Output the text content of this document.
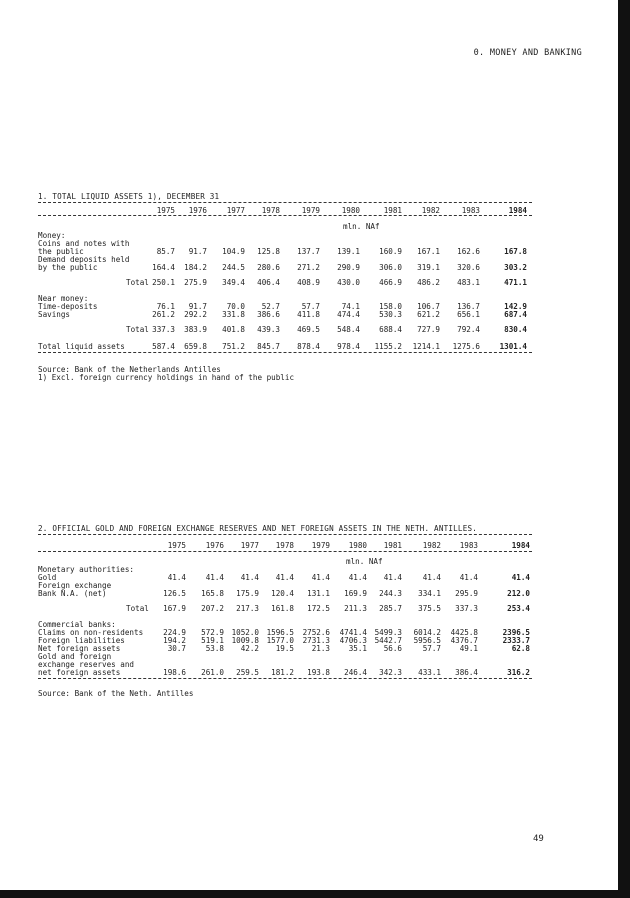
0. MONEY AND BANKING
49
1. TOTAL LIQUID ASSETS 1), DECEMBER 31
1975	1976	1977	1978	1979	1980	1981	1982	1983	1984
mln. NAf
Money:
Coins and notes with
the public	85.7	91.7	104.9	125.8	137.7	139.1	160.9	167.1	162.6	167.8
Demand deposits held
by the public	164.4	184.2	244.5	280.6	271.2	290.9	306.0	319.1	320.6	303.2
Total 250.1	275.9	349.4	406.4	408.9	430.0	466.9	486.2	483.1	471.1
Near money:
Time-deposits	76.1	91.7	70.0	52.7	57.7	74.1	158.0	106.7	136.7	142.9
Savings	261.2	292.2	331.8	386.6	411.8	474.4	530.3	621.2	656.1	687.4
Total 337.3	383.9	401.8	439.3	469.5	548.4	688.4	727.9	792.4	830.4
Total liquid assets	587.4	659.8	751.2	845.7	878.4	978.4	1155.2	1214.1	1275.6	1301.4
Source: Bank of the Netherlands Antilles
1) Excl. foreign currency holdings in hand of the public
2. OFFICIAL GOLD AND FOREIGN EXCHANGE RESERVES AND NET FOREIGN ASSETS IN THE NETH. ANTILLES.
1975	1976	1977	1978	1979	1980	1981	1982	1983	1984
mln. NAf
Monetary authorities:
Gold	41.4	41.4	41.4	41.4	41.4	41.4	41.4	41.4	41.4	41.4
Foreign exchange
Bank N.A. (net)	126.5	165.8	175.9	120.4	131.1	169.9	244.3	334.1	295.9	212.0
Total	167.9	207.2	217.3	161.8	172.5	211.3	285.7	375.5	337.3	253.4
Commercial banks:
Claims on non-residents	224.9	572.9 1052.0 1596.5	2752.6	4741.4 5499.3	6014.2	4425.8	2396.5
Foreign liabilities	194.2	519.1 1009.8 1577.0	2731.3	4706.3 5442.7	5956.5	4376.7	2333.7
Net foreign assets	30.7	53.8	42.2	19.5	21.3	35.1	56.6	57.7	49.1	62.8
Gold and foreign
exchange reserves and
net foreign assets	198.6	261.0	259.5	181.2	193.8	246.4	342.3	433.1	386.4	316.2
Source: Bank of the Neth. Antilles
